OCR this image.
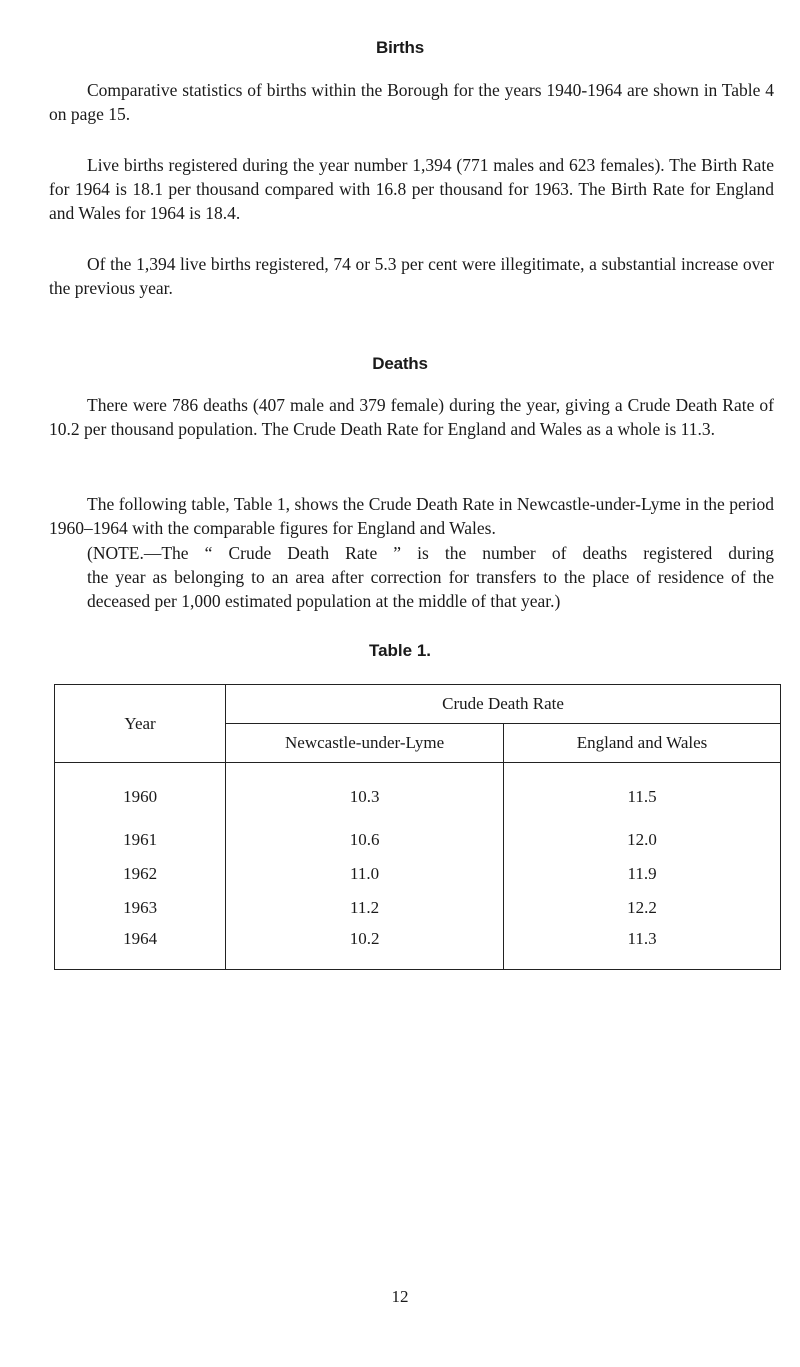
Births

Comparative statistics of births within the Borough for the years 1940-1964 are shown in Table 4 on page 15.

Live births registered during the year number 1,394 (771 males and 623 females). The Birth Rate for 1964 is 18.1 per thousand compared with 16.8 per thousand for 1963. The Birth Rate for England and Wales for 1964 is 18.4.

Of the 1,394 live births registered, 74 or 5.3 per cent were illegitimate, a substantial increase over the previous year.

Deaths

There were 786 deaths (407 male and 379 female) during the year, giving a Crude Death Rate of 10.2 per thousand population. The Crude Death Rate for England and Wales as a whole is 11.3.

The following table, Table 1, shows the Crude Death Rate in Newcastle-under-Lyme in the period 1960–1964 with the comparable figures for England and Wales.

(NOTE.—The “ Crude Death Rate ” is the number of deaths registered during
the year as belonging to an area after correction for transfers to the place of residence of the deceased per 1,000 estimated population at the middle of that year.)
Table 1.
Year	Crude Death Rate	
	Newcastle-under-Lyme	England and Wales
1960	10.3	11.5
1961	10.6	12.0
1962	11.0	11.9
1963	11.2	12.2
1964	10.2	11.3
12
